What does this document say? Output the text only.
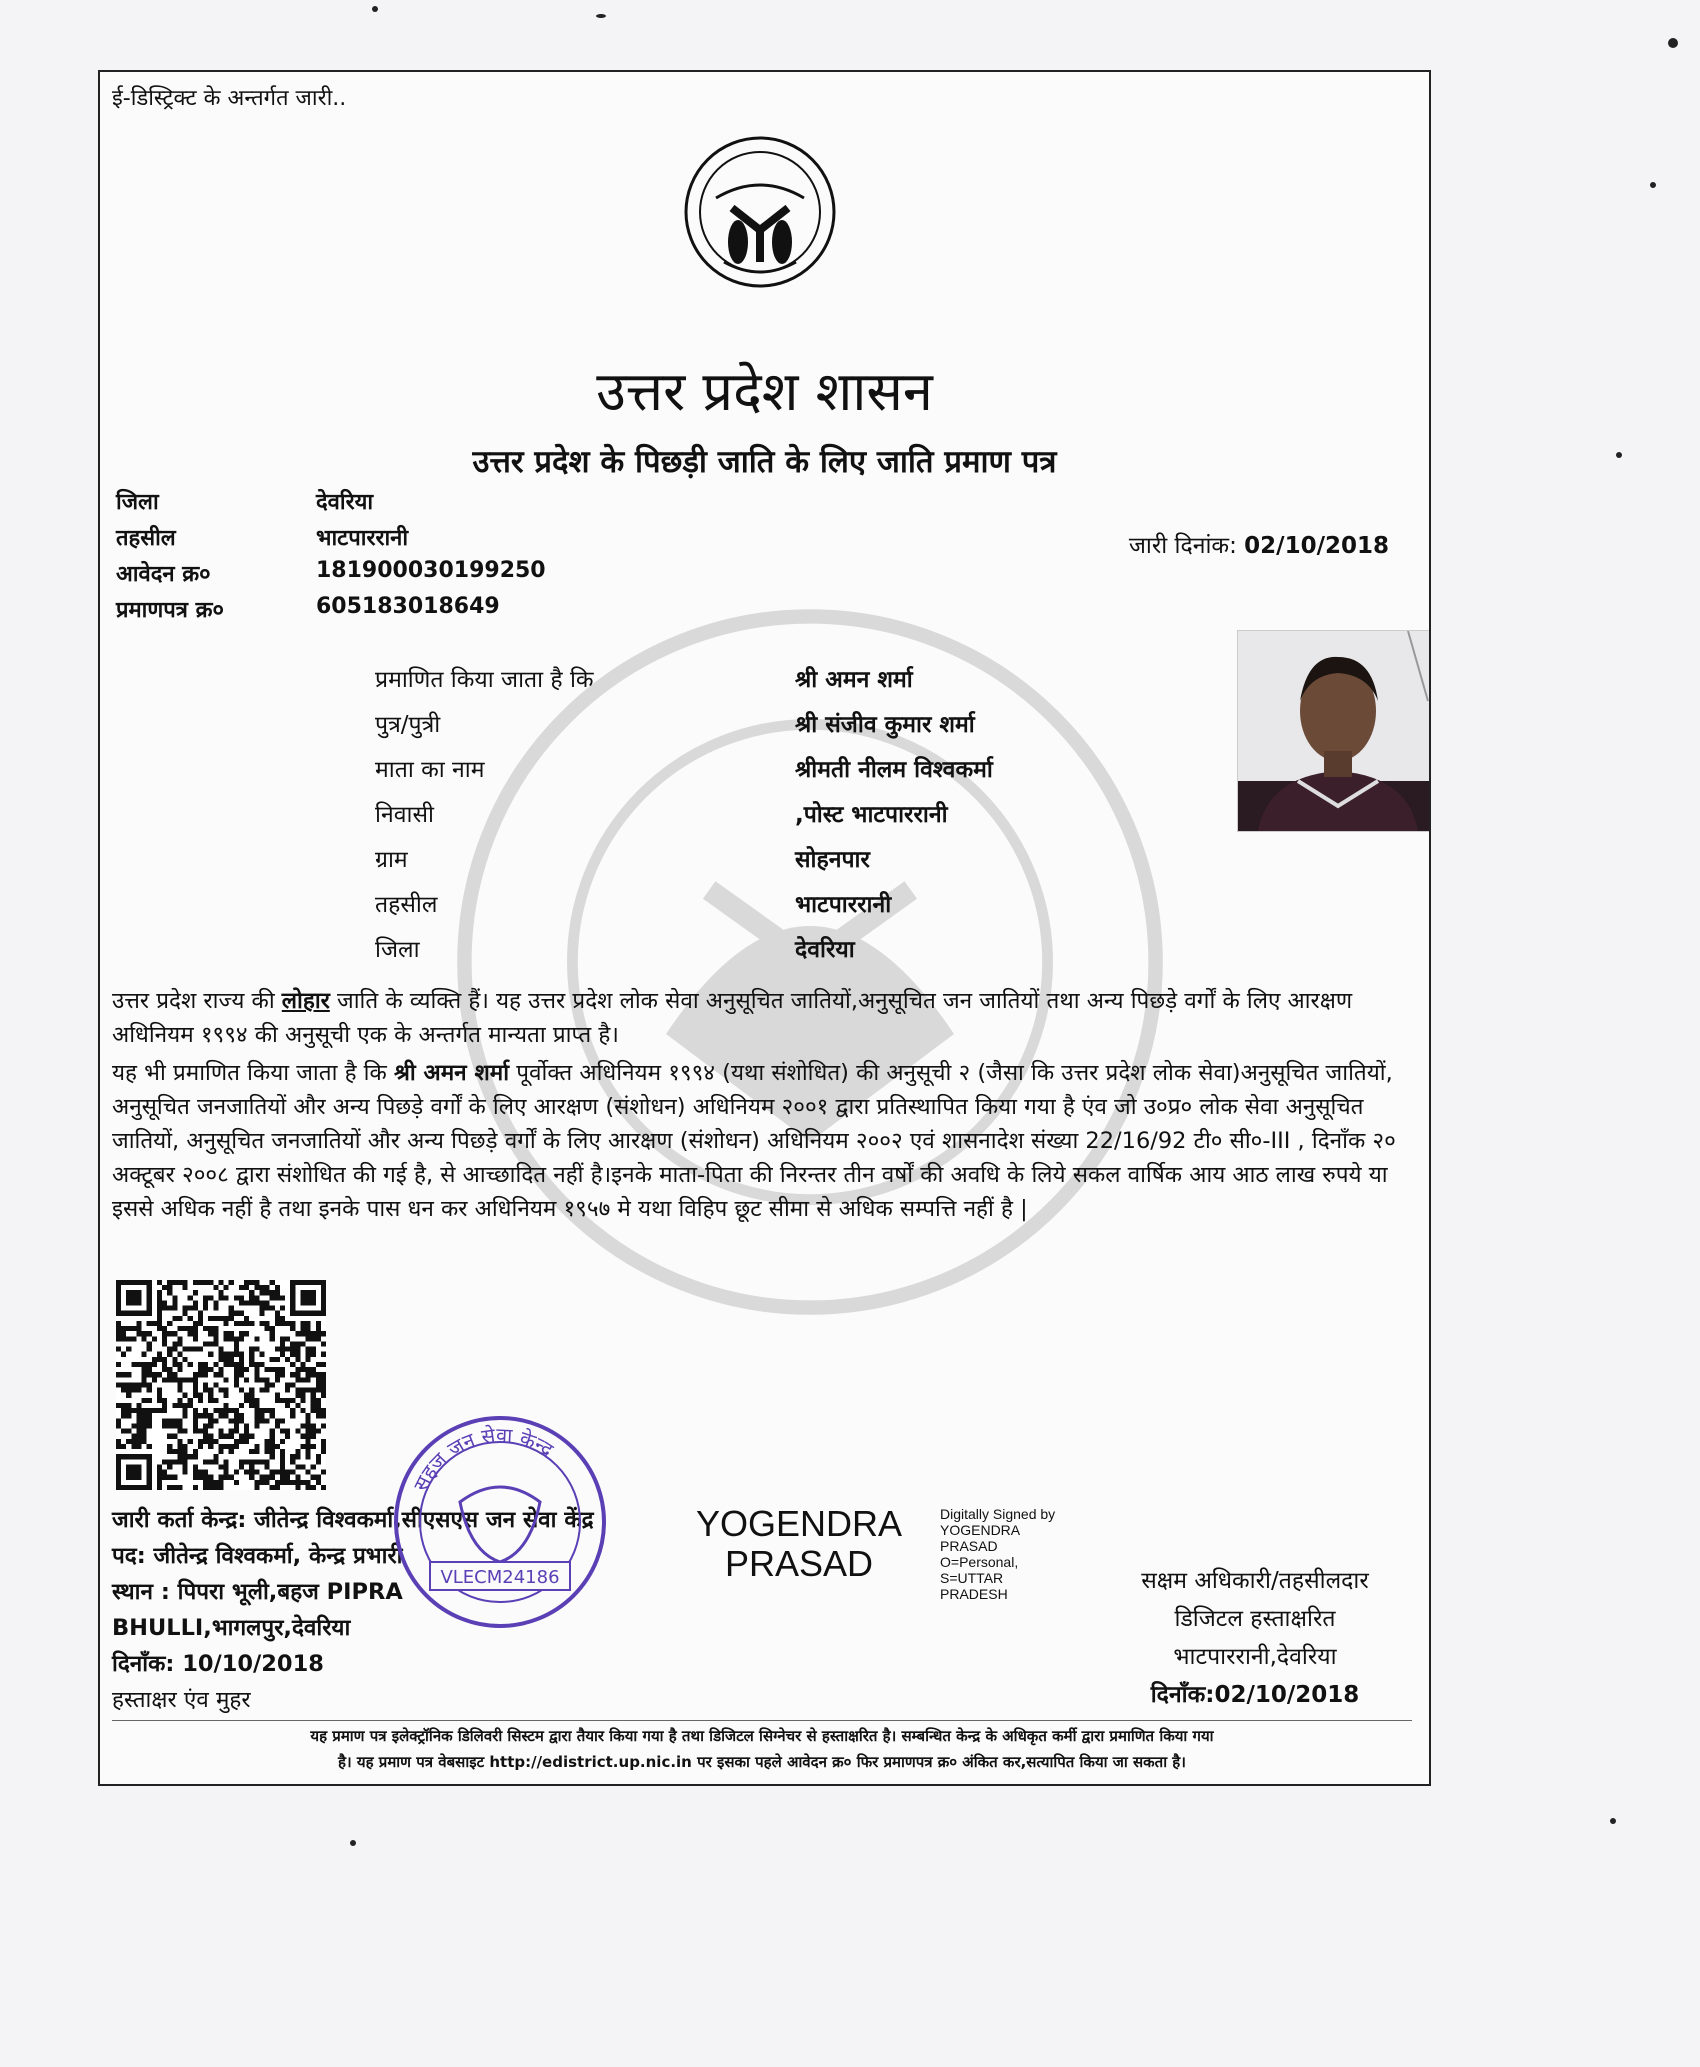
ई-डिस्ट्रिक्ट के अन्तर्गत जारी..
उत्तर प्रदेश शासन
उत्तर प्रदेश के पिछड़ी जाति के लिए जाति प्रमाण पत्र
जिला	देवरिया
तहसील	भाटपाररानी
आवेदन क्र०	181900030199250
प्रमाणपत्र क्र०	605183018649
जारी दिनांक: 02/10/2018
प्रमाणित किया जाता है कि	श्री अमन शर्मा
पुत्र/पुत्री	श्री संजीव कुमार शर्मा
माता का नाम	श्रीमती नीलम विश्वकर्मा
निवासी	,पोस्ट भाटपाररानी
ग्राम	सोहनपार
तहसील	भाटपाररानी
जिला	देवरिया
उत्तर प्रदेश राज्य की लोहार जाति के व्यक्ति हैं। यह उत्तर प्रदेश लोक सेवा अनुसूचित जातियों,अनुसूचित जन जातियों तथा अन्य पिछड़े वर्गों के लिए आरक्षण अधिनियम १९९४ की अनुसूची एक के अन्तर्गत मान्यता प्राप्त है।
यह भी प्रमाणित किया जाता है कि श्री अमन शर्मा पूर्वोक्त अधिनियम १९९४ (यथा संशोधित) की अनुसूची २ (जैसा कि उत्तर प्रदेश लोक सेवा)अनुसूचित जातियों, अनुसूचित जनजातियों और अन्य पिछड़े वर्गों के लिए आरक्षण (संशोधन) अधिनियम २००१ द्वारा प्रतिस्थापित किया गया है एंव जो उ०प्र० लोक सेवा अनुसूचित जातियों, अनुसूचित जनजातियों और अन्य पिछड़े वर्गों के लिए आरक्षण (संशोधन) अधिनियम २००२ एवं शासनादेश संख्या 22/16/92 टी० सी०-III , दिनाँक २० अक्टूबर २००८ द्वारा संशोधित की गई है, से आच्छादित नहीं है।इनके माता-पिता की निरन्तर तीन वर्षों की अवधि के लिये सकल वार्षिक आय आठ लाख रुपये या इससे अधिक नहीं है तथा इनके पास धन कर अधिनियम १९५७ मे यथा विहिप छूट सीमा से अधिक सम्पत्ति नहीं है |
जारी कर्ता केन्द्र: जीतेन्द्र विश्वकर्मा,सीएसएस जन सेवा केंद्र
पद: जीतेन्द्र विश्वकर्मा, केन्द्र प्रभारी
स्थान : पिपरा भूली,बहज PIPRA
BHULLI,भागलपुर,देवरिया
दिनाँक: 10/10/2018
हस्ताक्षर एंव मुहर
सहज जन सेवा केन्द्र
VLECM24186
YOGENDRA
PRASAD
Digitally Signed by
YOGENDRA
PRASAD
O=Personal,
S=UTTAR
PRADESH	सक्षम अधिकारी/तहसीलदार
डिजिटल हस्ताक्षरित
भाटपाररानी,देवरिया
दिनाँक:02/10/2018
यह प्रमाण पत्र इलेक्ट्रॉनिक डिलिवरी सिस्टम द्वारा तैयार किया गया है तथा डिजिटल सिग्नेचर से हस्ताक्षरित है। सम्बन्धित केन्द्र के अधिकृत कर्मी द्वारा प्रमाणित किया गया
है। यह प्रमाण पत्र वेबसाइट http://edistrict.up.nic.in पर इसका पहले आवेदन क्र० फिर प्रमाणपत्र क्र० अंकित कर,सत्यापित किया जा सकता है।
